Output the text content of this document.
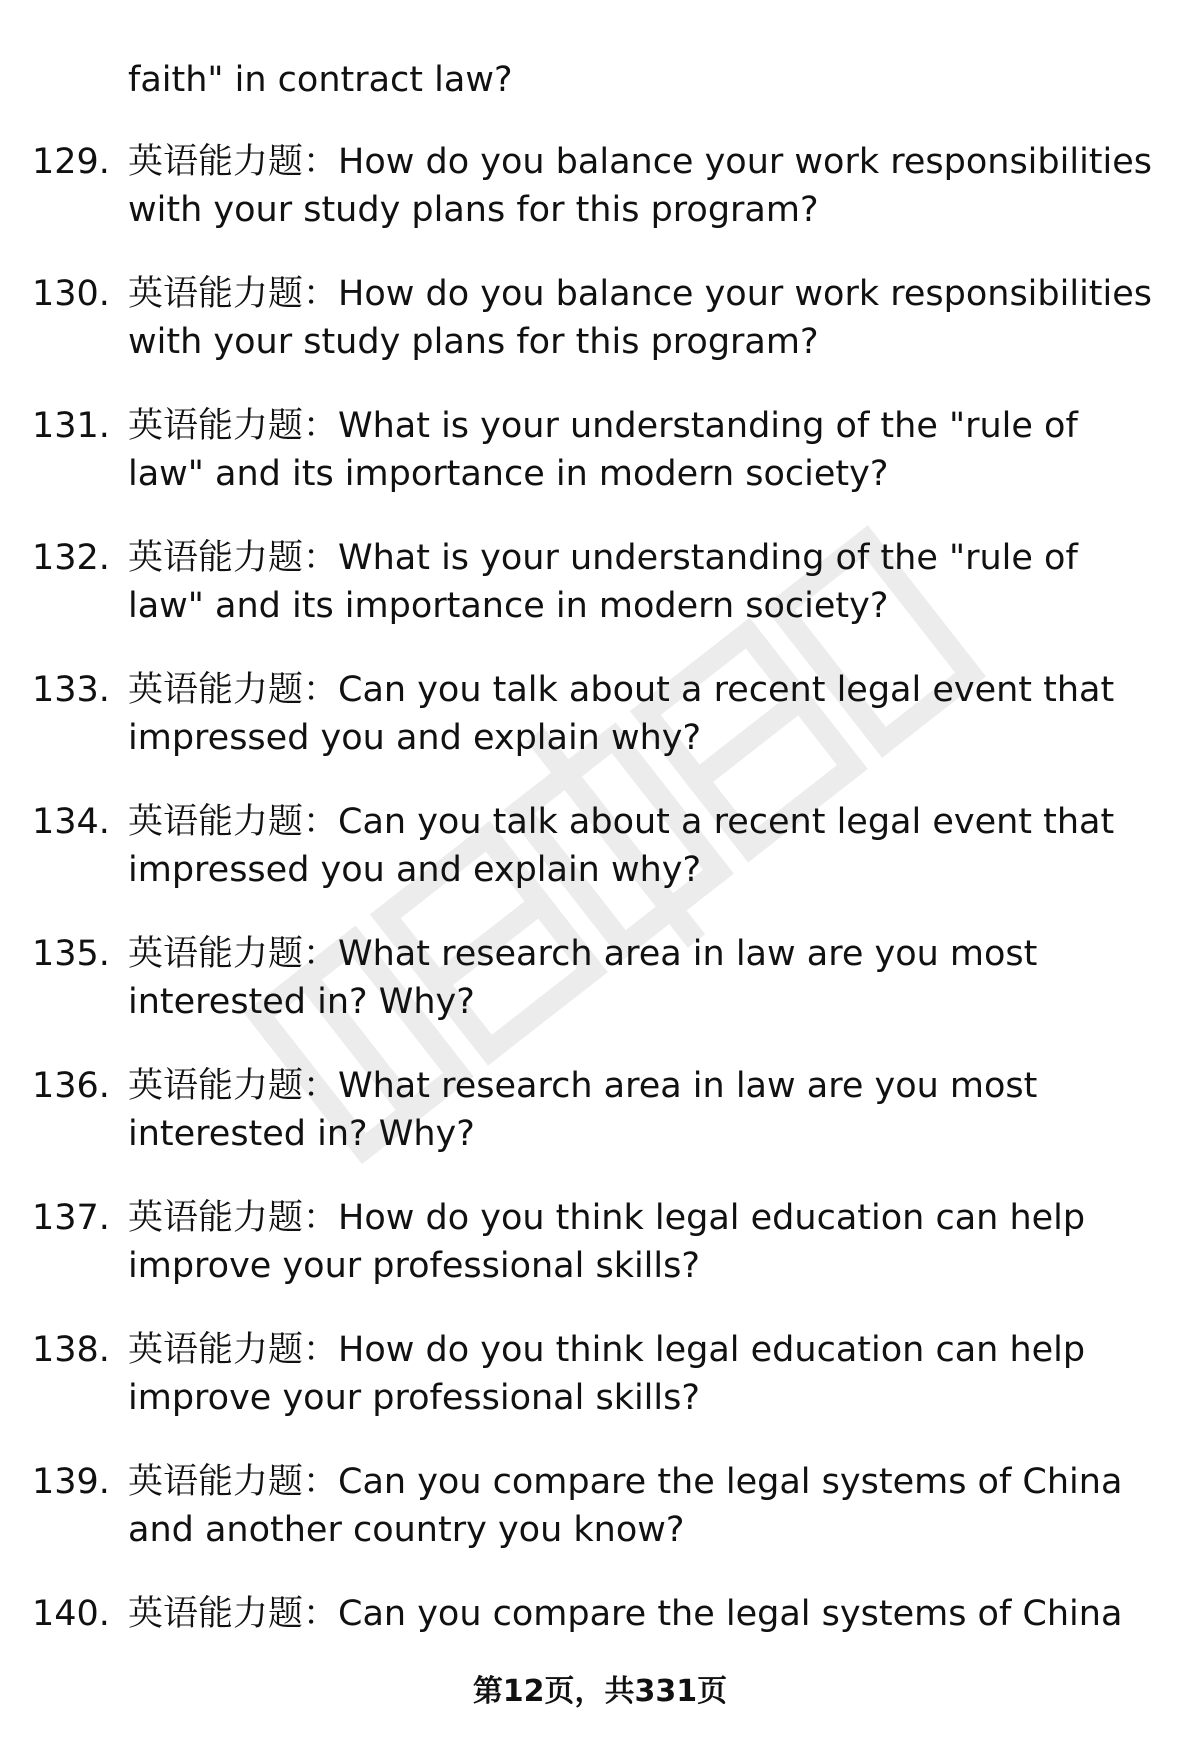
faith" in contract law?
129. 英语能力题：How do you balance your work responsibilities
with your study plans for this program?
130. 英语能力题：How do you balance your work responsibilities
with your study plans for this program?
131. 英语能力题：What is your understanding of the "rule of
law" and its importance in modern society?
132. 英语能力题：What is your understanding of the "rule of
law" and its importance in modern society?
133. 英语能力题：Can you talk about a recent legal event that
impressed you and explain why?
134. 英语能力题：Can you talk about a recent legal event that
impressed you and explain why?
135. 英语能力题：What research area in law are you most
interested in? Why?
136. 英语能力题：What research area in law are you most
interested in? Why?
137. 英语能力题：How do you think legal education can help
improve your professional skills?
138. 英语能力题：How do you think legal education can help
improve your professional skills?
139. 英语能力题：Can you compare the legal systems of China
and another country you know?
140. 英语能力题：Can you compare the legal systems of China
第12页，共331页
